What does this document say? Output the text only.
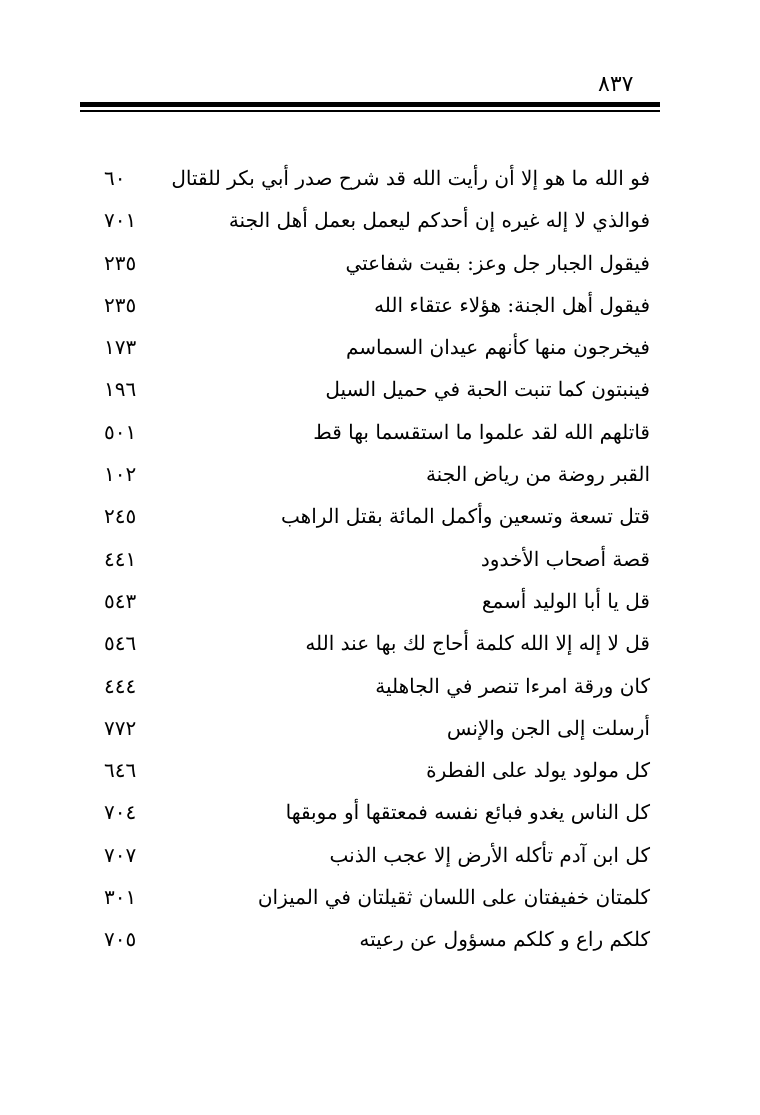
٨٣٧
فو الله ما هو إلا أن رأيت الله قد شرح صدر أبي بكر للقتال
٦٠
فوالذي لا إله غيره إن أحدكم ليعمل بعمل أهل الجنة
٧٠١
فيقول الجبار جل وعز: بقيت شفاعتي
٢٣٥
فيقول أهل الجنة: هؤلاء عتقاء الله
٢٣٥
فيخرجون منها كأنهم عيدان السماسم
١٧٣
فينبتون كما تنبت الحبة في حميل السيل
١٩٦
قاتلهم الله لقد علموا ما استقسما بها قط
٥٠١
القبر روضة من رياض الجنة
١٠٢
قتل تسعة وتسعين وأكمل المائة بقتل الراهب
٢٤٥
قصة أصحاب الأخدود
٤٤١
قل يا أبا الوليد أسمع
٥٤٣
قل لا إله إلا الله كلمة أحاج لك بها عند الله
٥٤٦
كان ورقة امرءا تنصر في الجاهلية
٤٤٤
أرسلت إلى الجن والإنس
٧٧٢
كل مولود يولد على الفطرة
٦٤٦
كل الناس يغدو فبائع نفسه فمعتقها أو موبقها
٧٠٤
كل ابن آدم تأكله الأرض إلا عجب الذنب
٧٠٧
كلمتان خفيفتان على اللسان ثقيلتان في الميزان
٣٠١
كلكم راع و كلكم مسؤول عن رعيته
٧٠٥
